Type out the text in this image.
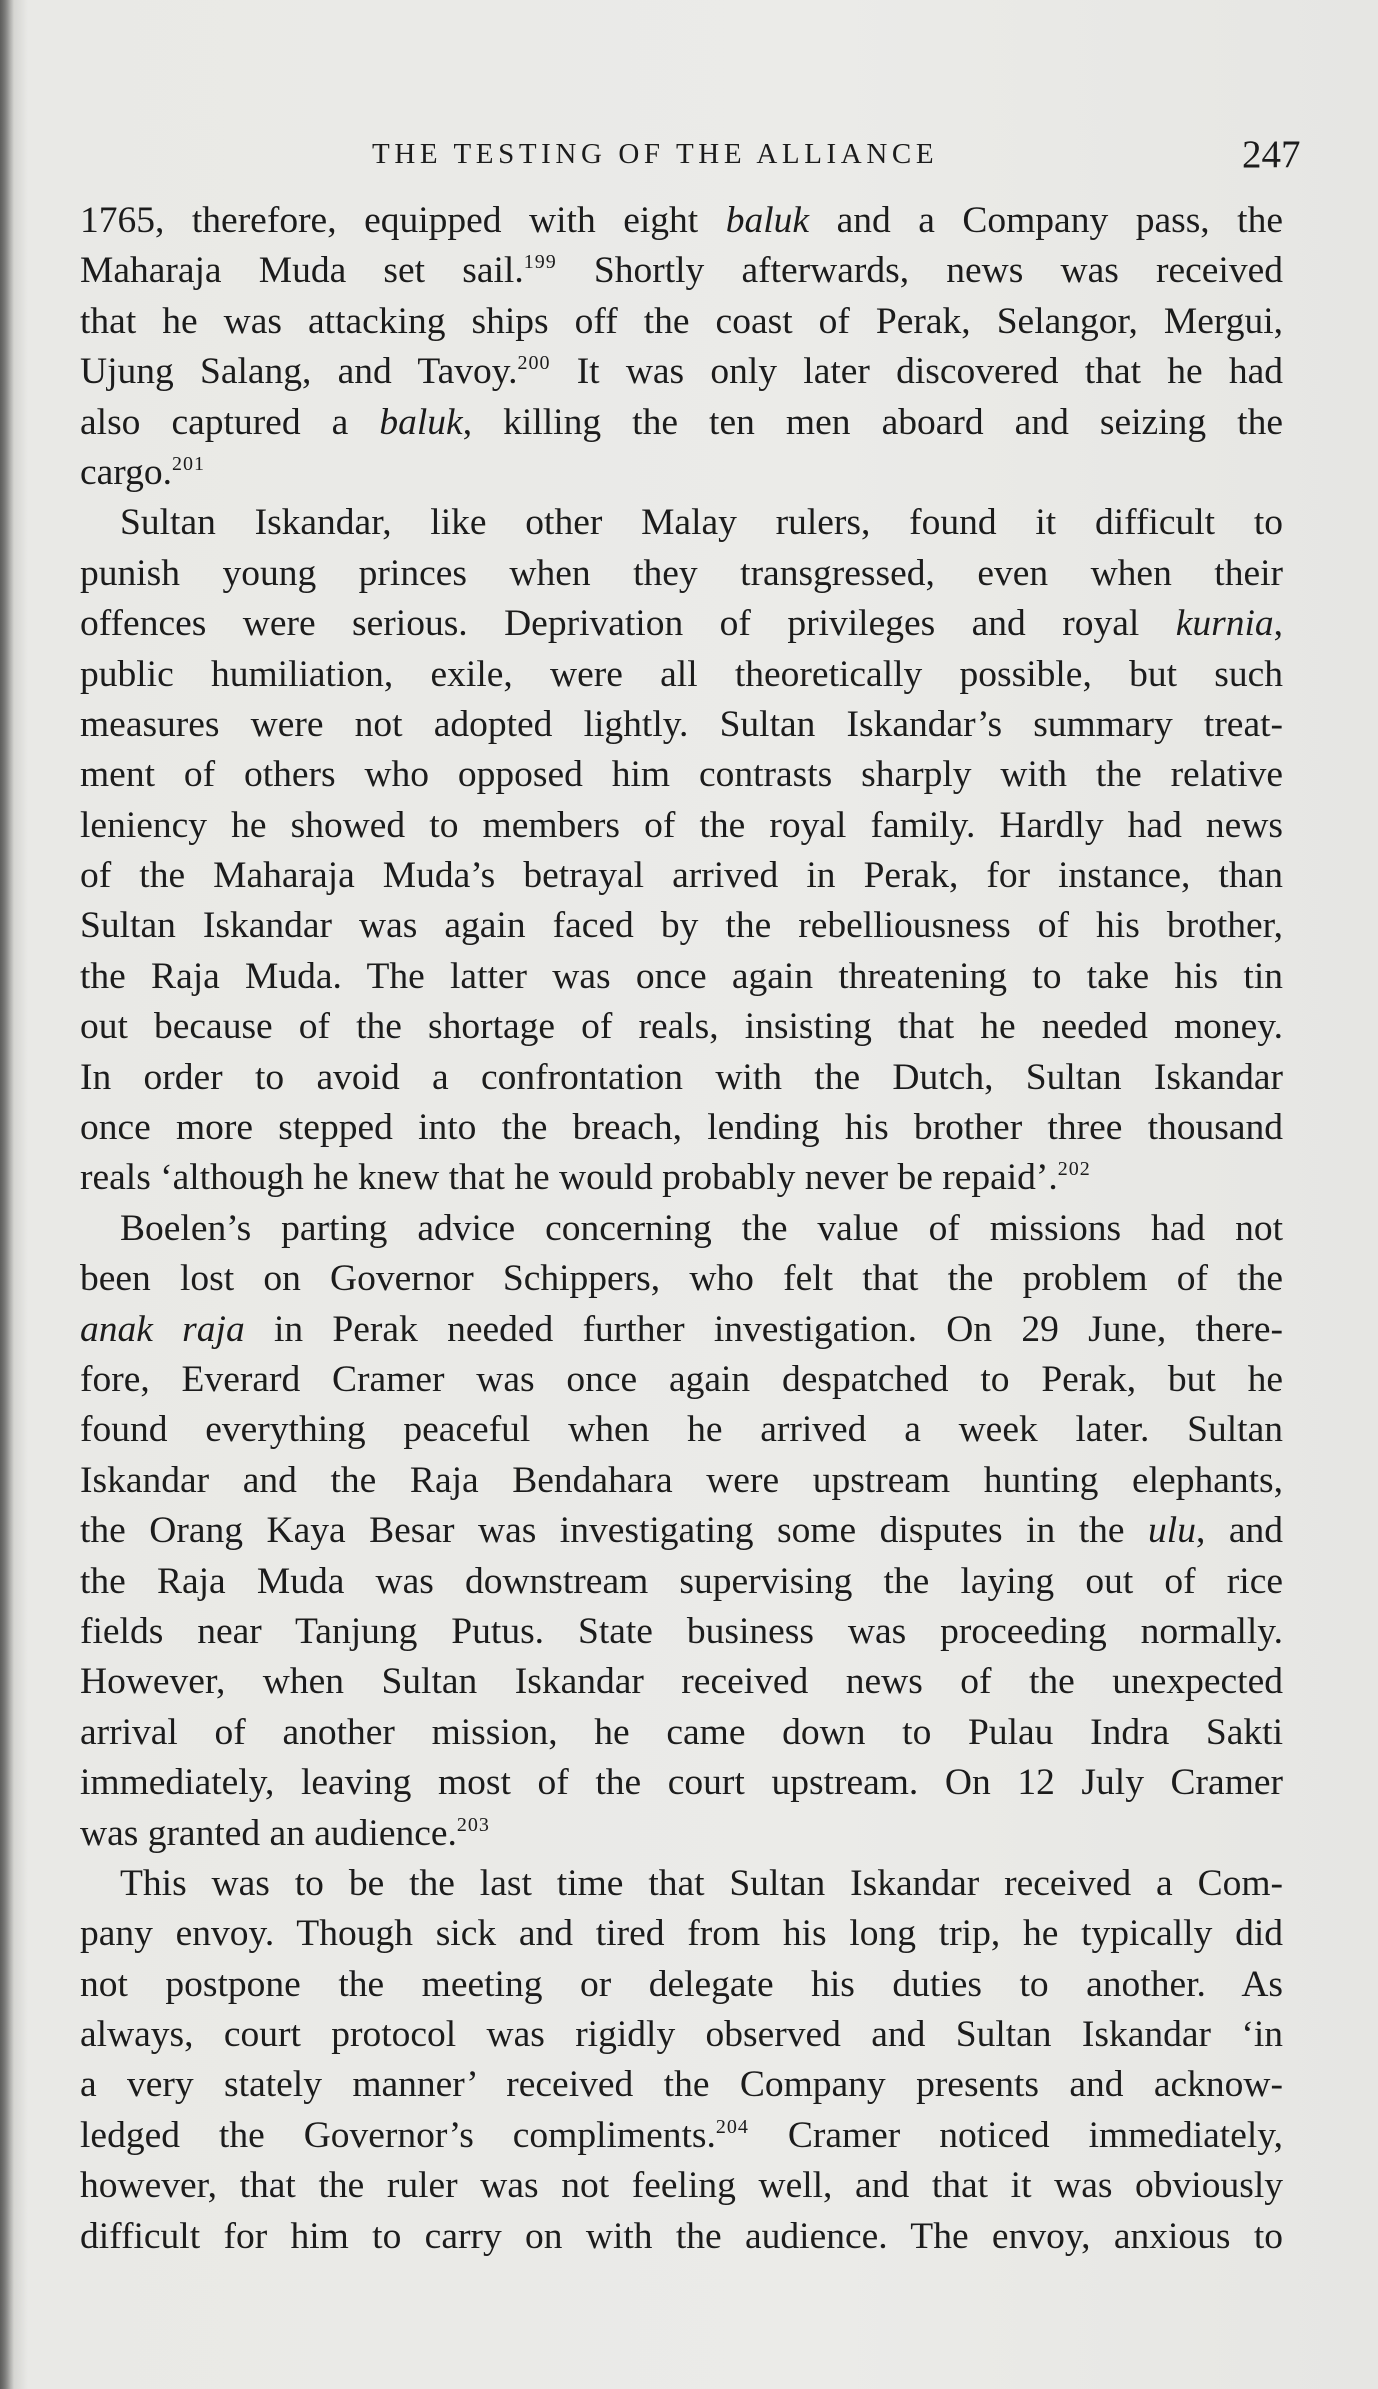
THE TESTING OF THE ALLIANCE	247
1765, therefore, equipped with eight baluk and a Company pass, the
Maharaja Muda set sail.$^{199}$ Shortly afterwards, news was received
that he was attacking ships off the coast of Perak, Selangor, Mergui,
Ujung Salang, and Tavoy.$^{200}$ It was only later discovered that he had
also captured a baluk, killing the ten men aboard and seizing the
cargo.$^{201}$
Sultan Iskandar, like other Malay rulers, found it difficult to
punish young princes when they transgressed, even when their
offences were serious. Deprivation of privileges and royal kurnia,
public humiliation, exile, were all theoretically possible, but such
measures were not adopted lightly. Sultan Iskandar’s summary treat-
ment of others who opposed him contrasts sharply with the relative
leniency he showed to members of the royal family. Hardly had news
of the Maharaja Muda’s betrayal arrived in Perak, for instance, than
Sultan Iskandar was again faced by the rebelliousness of his brother,
the Raja Muda. The latter was once again threatening to take his tin
out because of the shortage of reals, insisting that he needed money.
In order to avoid a confrontation with the Dutch, Sultan Iskandar
once more stepped into the breach, lending his brother three thousand
reals ‘although he knew that he would probably never be repaid’.$^{202}$
Boelen’s parting advice concerning the value of missions had not
been lost on Governor Schippers, who felt that the problem of the
anak raja in Perak needed further investigation. On 29 June, there-
fore, Everard Cramer was once again despatched to Perak, but he
found everything peaceful when he arrived a week later. Sultan
Iskandar and the Raja Bendahara were upstream hunting elephants,
the Orang Kaya Besar was investigating some disputes in the ulu, and
the Raja Muda was downstream supervising the laying out of rice
fields near Tanjung Putus. State business was proceeding normally.
However, when Sultan Iskandar received news of the unexpected
arrival of another mission, he came down to Pulau Indra Sakti
immediately, leaving most of the court upstream. On 12 July Cramer
was granted an audience.$^{203}$
This was to be the last time that Sultan Iskandar received a Com-
pany envoy. Though sick and tired from his long trip, he typically did
not postpone the meeting or delegate his duties to another. As
always, court protocol was rigidly observed and Sultan Iskandar ‘in
a very stately manner’ received the Company presents and acknow-
ledged the Governor’s compliments.$^{204}$ Cramer noticed immediately,
however, that the ruler was not feeling well, and that it was obviously
difficult for him to carry on with the audience. The envoy, anxious to
